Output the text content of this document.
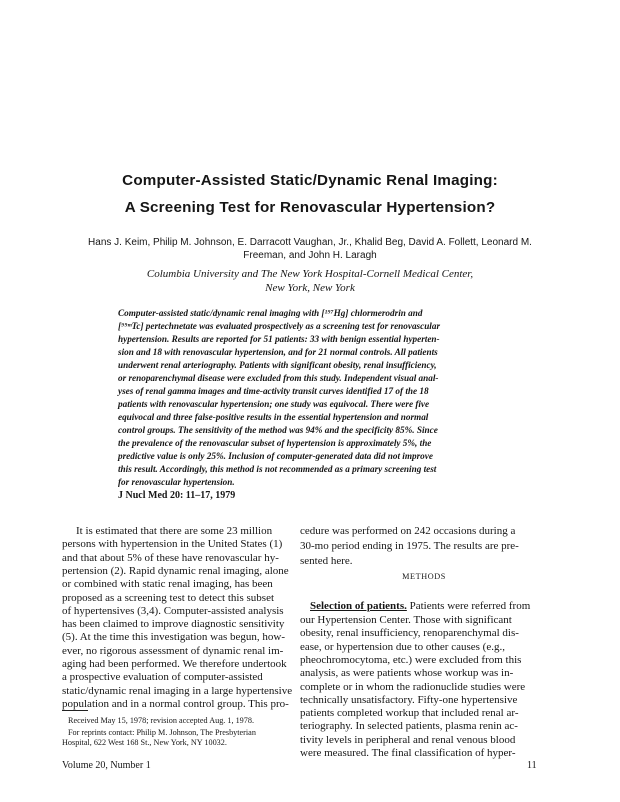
Computer-Assisted Static/Dynamic Renal Imaging:
A Screening Test for Renovascular Hypertension?
Hans J. Keim, Philip M. Johnson, E. Darracott Vaughan, Jr., Khalid Beg, David A. Follett, Leonard M.
Freeman, and John H. Laragh
Columbia University and The New York Hospital-Cornell Medical Center,
New York, New York
Computer-assisted static/dynamic renal imaging with [¹⁹⁷Hg] chlormerodrin and
[⁹⁹ᵐTc] pertechnetate was evaluated prospectively as a screening test for renovascular
hypertension. Results are reported for 51 patients: 33 with benign essential hyperten-
sion and 18 with renovascular hypertension, and for 21 normal controls. All patients
underwent renal arteriography. Patients with significant obesity, renal insufficiency,
or renoparenchymal disease were excluded from this study. Independent visual anal-
yses of renal gamma images and time-activity transit curves identified 17 of the 18
patients with renovascular hypertension; one study was equivocal. There were five
equivocal and three false-positive results in the essential hypertension and normal
control groups. The sensitivity of the method was 94% and the specificity 85%. Since
the prevalence of the renovascular subset of hypertension is approximately 5%, the
predictive value is only 25%. Inclusion of computer-generated data did not improve
this result. Accordingly, this method is not recommended as a primary screening test
for renovascular hypertension.
J Nucl Med 20: 11–17, 1979
It is estimated that there are some 23 million
persons with hypertension in the United States (1)
and that about 5% of these have renovascular hy-
pertension (2). Rapid dynamic renal imaging, alone
or combined with static renal imaging, has been
proposed as a screening test to detect this subset
of hypertensives (3,4). Computer-assisted analysis
has been claimed to improve diagnostic sensitivity
(5). At the time this investigation was begun, how-
ever, no rigorous assessment of dynamic renal im-
aging had been performed. We therefore undertook
a prospective evaluation of computer-assisted
cedure was performed on 242 occasions during a
30-mo period ending in 1975. The results are pre-
sented here.
METHODS
Selection of patients. Patients were referred from
our Hypertension Center. Those with significant
obesity, renal insufficiency, renoparenchymal dis-
ease, or hypertension due to other causes (e.g.,
pheochromocytoma, etc.) were excluded from this
analysis, as were patients whose workup was in-
complete or in whom the radionuclide studies were
technically unsatisfactory. Fifty-one hypertensive
patients completed workup that included renal ar-
teriography. In selected patients, plasma renin ac-
Received May 15, 1978; revision accepted Aug. 1, 1978.
For reprints contact: Philip M. Johnson, The Presbyterian
Hospital, 622 West 168 St., New York, NY 10032.
Volume 20, Number 1	11
static/dynamic renal imaging in a large hypertensive
population and in a normal control group. This pro-
tivity levels in peripheral and renal venous blood
were measured. The final classification of hyper-
